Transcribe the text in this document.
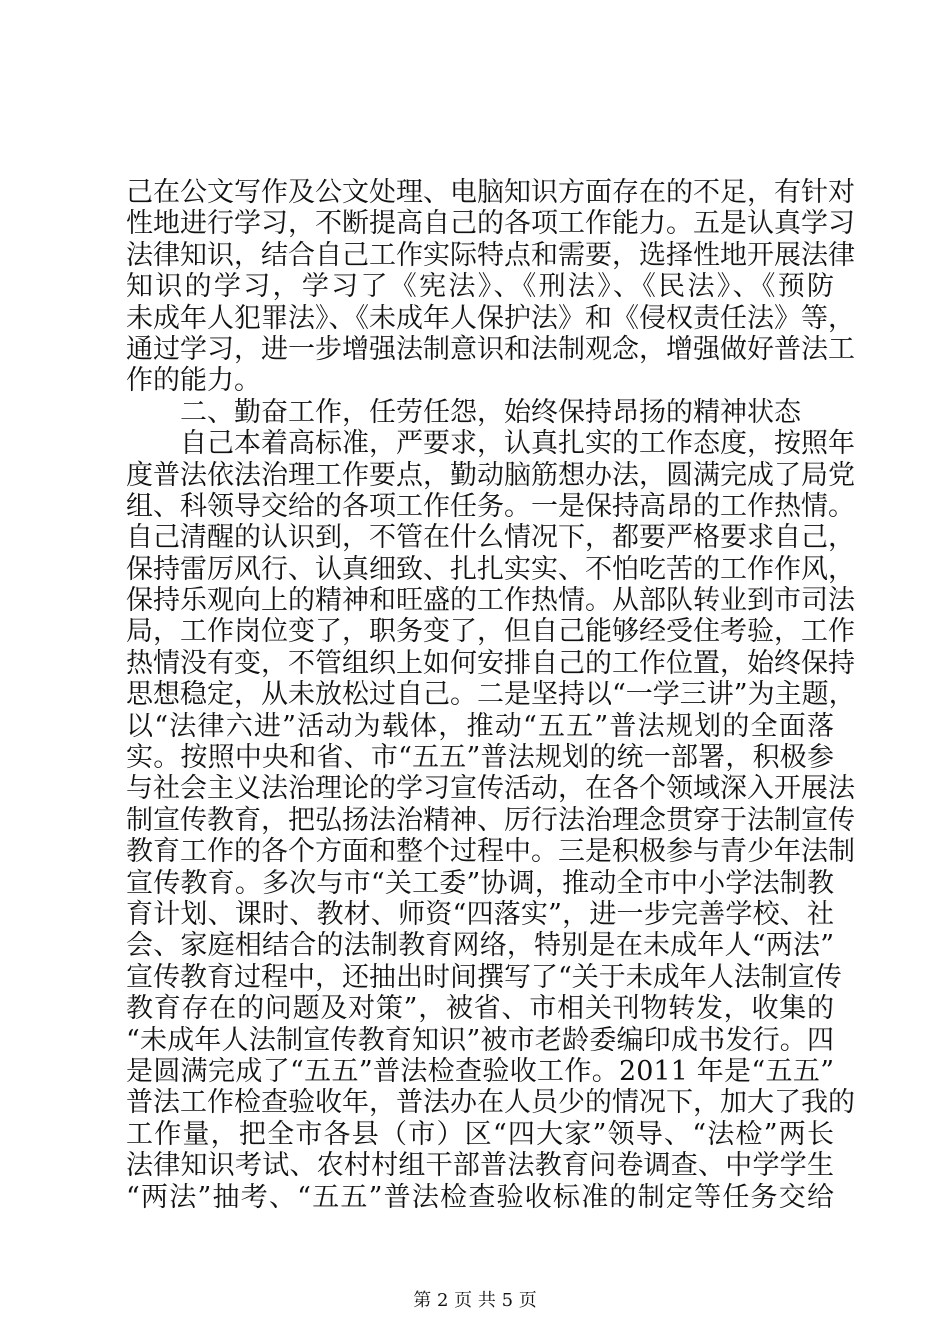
己在公文写作及公文处理、电脑知识方面存在的不足，有针对
性地进行学习，不断提高自己的各项工作能力。五是认真学习
法律知识，结合自己工作实际特点和需要，选择性地开展法律
知识的学习，学习了《宪法》、《刑法》、《民法》、《预防
未成年人犯罪法》、《未成年人保护法》和《侵权责任法》等，
通过学习，进一步增强法制意识和法制观念，增强做好普法工
作的能力。
二、勤奋工作，任劳任怨，始终保持昂扬的精神状态
自己本着高标准，严要求，认真扎实的工作态度，按照年
度普法依法治理工作要点，勤动脑筋想办法，圆满完成了局党
组、科领导交给的各项工作任务。一是保持高昂的工作热情。
自己清醒的认识到，不管在什么情况下，都要严格要求自己，
保持雷厉风行、认真细致、扎扎实实、不怕吃苦的工作作风，
保持乐观向上的精神和旺盛的工作热情。从部队转业到市司法
局，工作岗位变了，职务变了，但自己能够经受住考验，工作
热情没有变，不管组织上如何安排自己的工作位置，始终保持
思想稳定，从未放松过自己。二是坚持以“一学三讲”为主题，
以“法律六进”活动为载体，推动“五五”普法规划的全面落
实。按照中央和省、市“五五”普法规划的统一部署，积极参
与社会主义法治理论的学习宣传活动，在各个领域深入开展法
制宣传教育，把弘扬法治精神、厉行法治理念贯穿于法制宣传
教育工作的各个方面和整个过程中。三是积极参与青少年法制
宣传教育。多次与市“关工委”协调，推动全市中小学法制教
育计划、课时、教材、师资“四落实”，进一步完善学校、社
会、家庭相结合的法制教育网络，特别是在未成年人“两法”
宣传教育过程中，还抽出时间撰写了“关于未成年人法制宣传
教育存在的问题及对策”，被省、市相关刊物转发，收集的
“未成年人法制宣传教育知识”被市老龄委编印成书发行。四
是圆满完成了“五五”普法检查验收工作。2011 年是“五五”
普法工作检查验收年，普法办在人员少的情况下，加大了我的
工作量，把全市各县（市）区“四大家”领导、“法检”两长
法律知识考试、农村村组干部普法教育问卷调查、中学学生
“两法”抽考、“五五”普法检查验收标准的制定等任务交给
第 2 页 共 5 页
